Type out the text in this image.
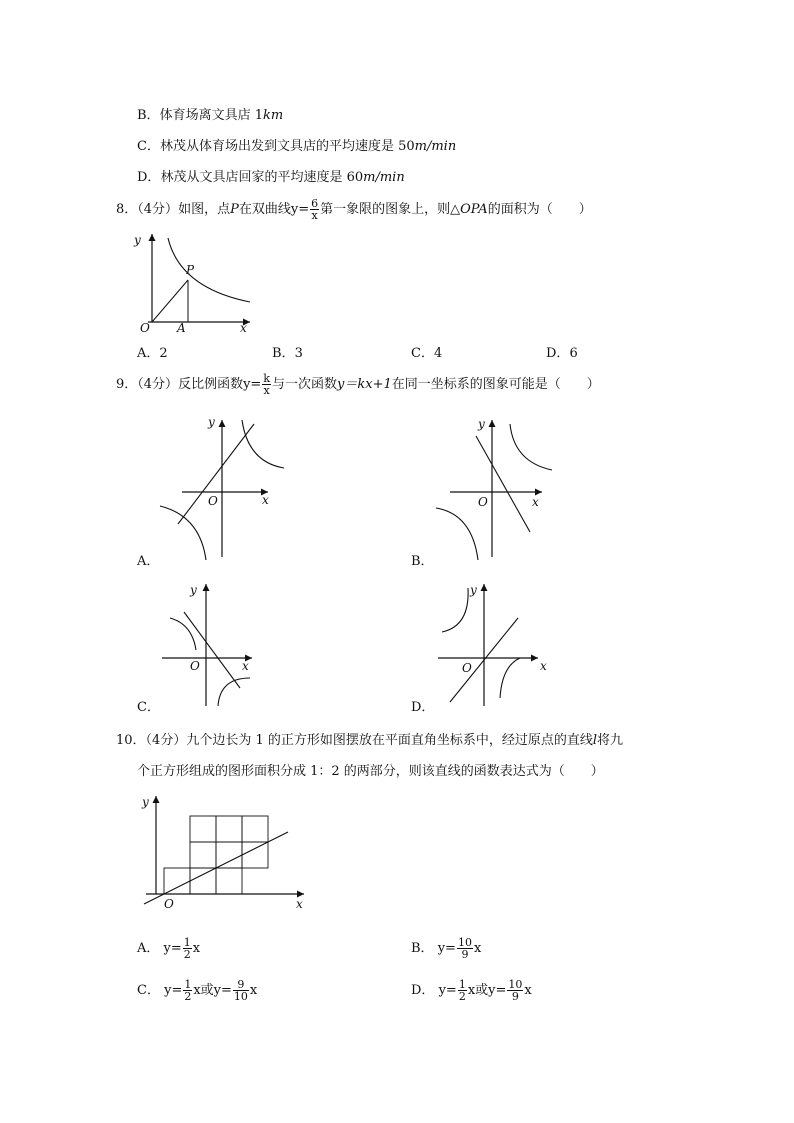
B．体育场离文具店 1km
C．林茂从体育场出发到文具店的平均速度是 50m/min
D．林茂从文具店回家的平均速度是 60m/min
8．（4分）如图，点P在双曲线$y= \frac{6}{x}$ 第一象限的图象上，则△OPA的面积为（　　）
y
x
O A
P
A．2	B．3	C．4	D．6
9．（4分）反比例函数$y= \frac{k}{x}$ 与一次函数y＝kx+1在同一坐标系的图象可能是（　　）
y
x
O
A．
y
x
O
B．
y
x
O
C．
y
x
O
D．
10．（4分）九个边长为 1 的正方形如图摆放在平面直角坐标系中，经过原点的直线l将九
个正方形组成的图形面积分成 1：2 的两部分，则该直线的函数表达式为（　　）
y
x
O
A． $y= \frac{1}{2}$ x	B． $y= \frac{10}{9}$ x
C． $y= \frac{1}{2}$ x或$y= \frac{9}{10}$ x	D． $y= \frac{1}{2}$ x或$y= \frac{10}{9}$ x
